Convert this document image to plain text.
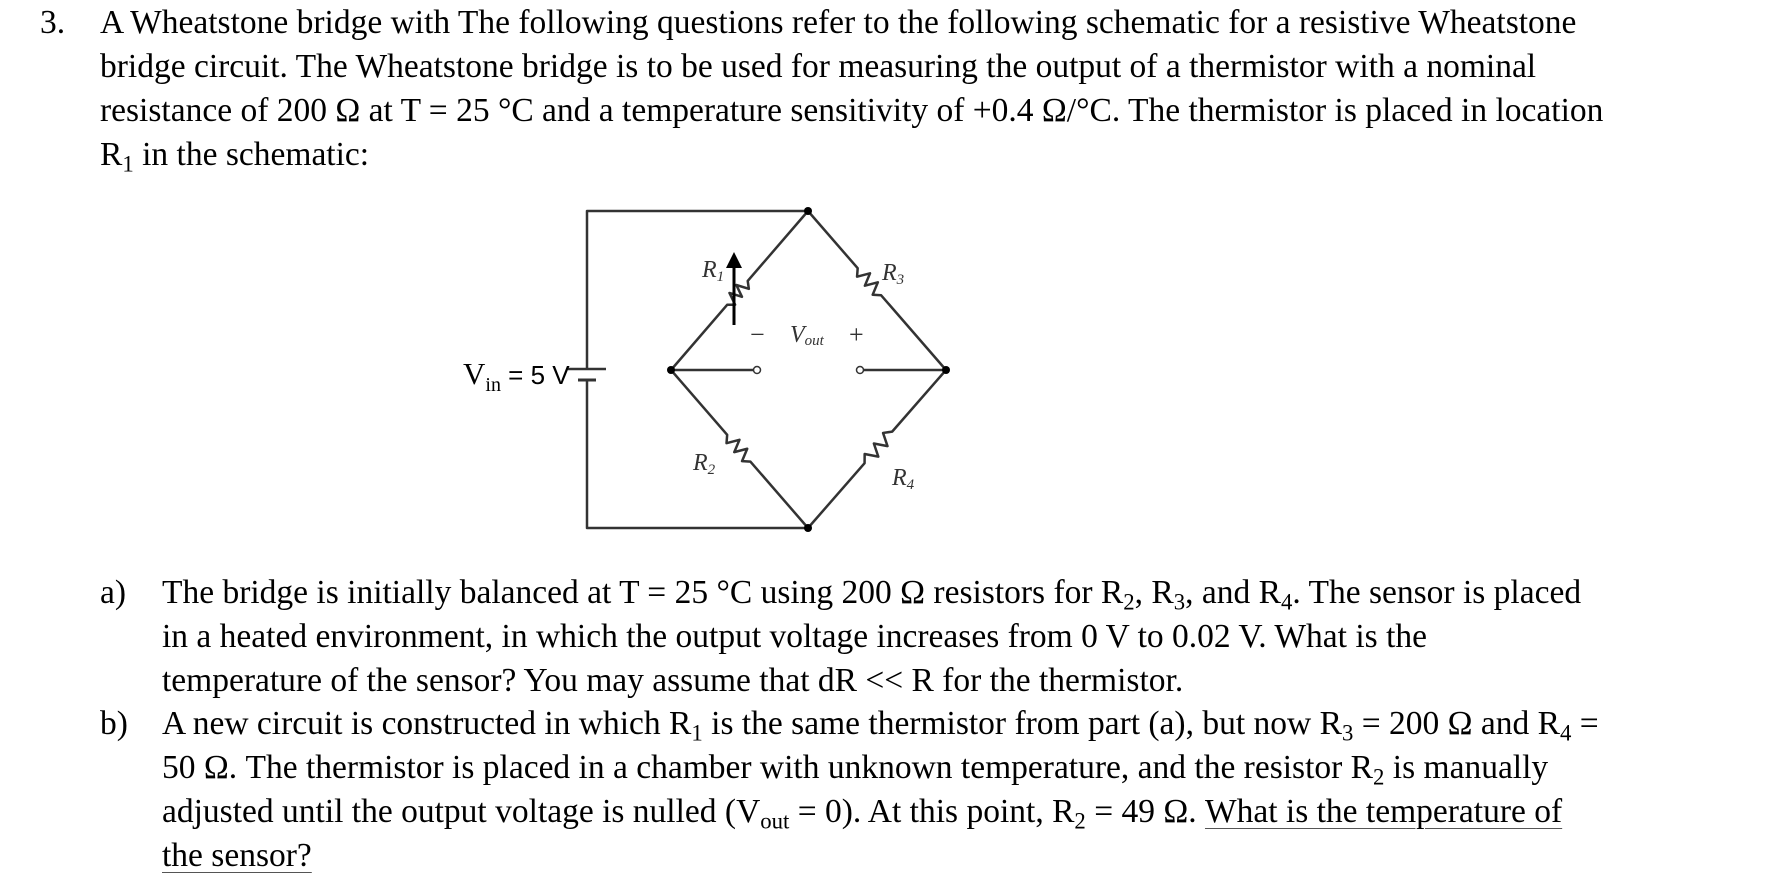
3. A Wheatstone bridge with The following questions refer to the following schematic for a resistive Wheatstone
bridge circuit. The Wheatstone bridge is to be used for measuring the output of a thermistor with a nominal
resistance of 200 Ω at T = 25 °C and a temperature sensitivity of +0.4 Ω/°C. The thermistor is placed in location
$R_1$ in the schematic:
a) The bridge is initially balanced at T = 25 °C using 200 Ω resistors for $R_2$, $R_3$, and $R_4$. The sensor is placed
in a heated environment, in which the output voltage increases from 0 V to 0.02 V. What is the
temperature of the sensor? You may assume that dR << R for the thermistor.
b) A new circuit is constructed in which $R_1$ is the same thermistor from part (a), but now $R_3 = 200$ Ω and $R_4$ =
50 Ω. The thermistor is placed in a chamber with unknown temperature, and the resistor $R_2$ is manually
adjusted until the output voltage is nulled $(V_{out} = 0)$. At this point, $R_2 = 49$ Ω. What is the temperature of
the sensor?
−	+
Vout
R1	R3
R2	R4
$V_{in}$ $^{= 5 V}$
